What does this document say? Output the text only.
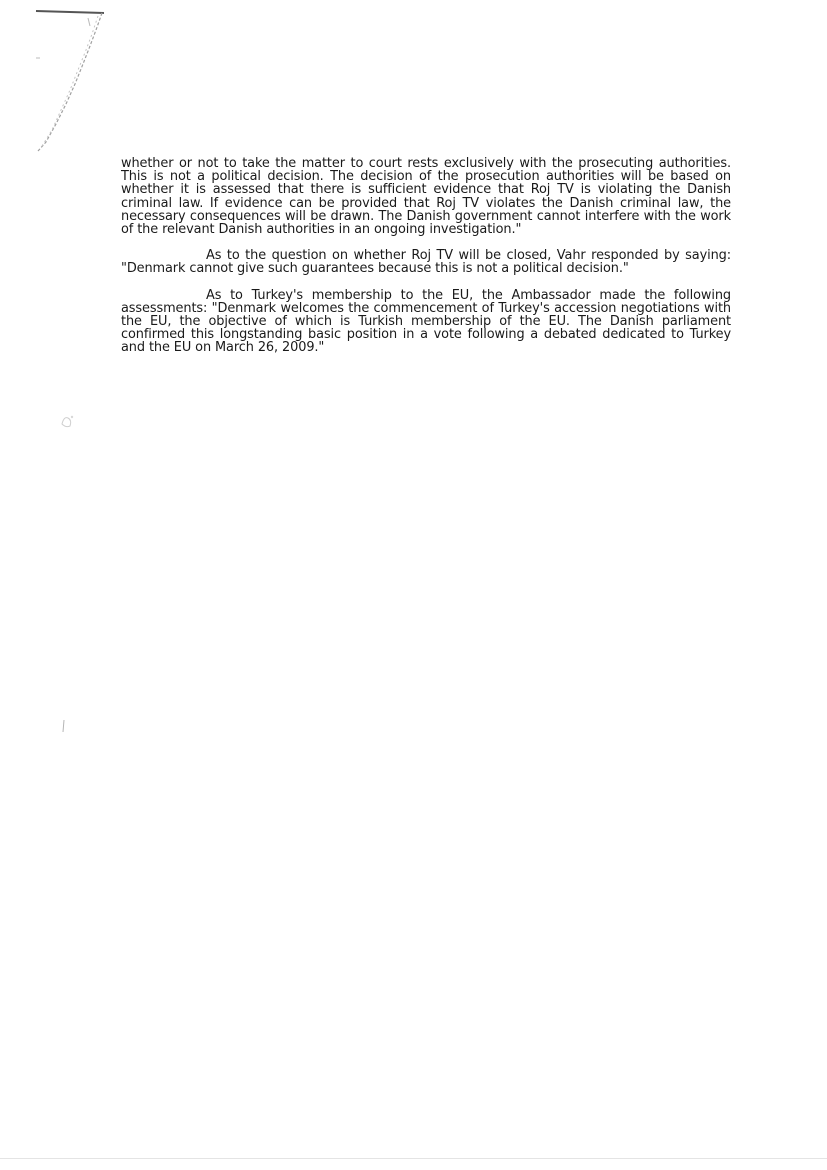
whether or not to take the matter to court rests exclusively with the prosecuting authorities. This is not a political decision. The decision of the prosecution authorities will be based on whether it is assessed that there is sufficient evidence that Roj TV is violating the Danish criminal law. If evidence can be provided that Roj TV violates the Danish criminal law, the necessary consequences will be drawn. The Danish government cannot interfere with the work of the relevant Danish authorities in an ongoing investigation."

As to the question on whether Roj TV will be closed, Vahr responded by saying: "Denmark cannot give such guarantees because this is not a political decision."

As to Turkey's membership to the EU, the Ambassador made the following assessments: "Denmark welcomes the commencement of Turkey's accession negotiations with the EU, the objective of which is Turkish membership of the EU. The Danish parliament confirmed this longstanding basic position in a vote following a debated dedicated to Turkey and the EU on March 26, 2009."
